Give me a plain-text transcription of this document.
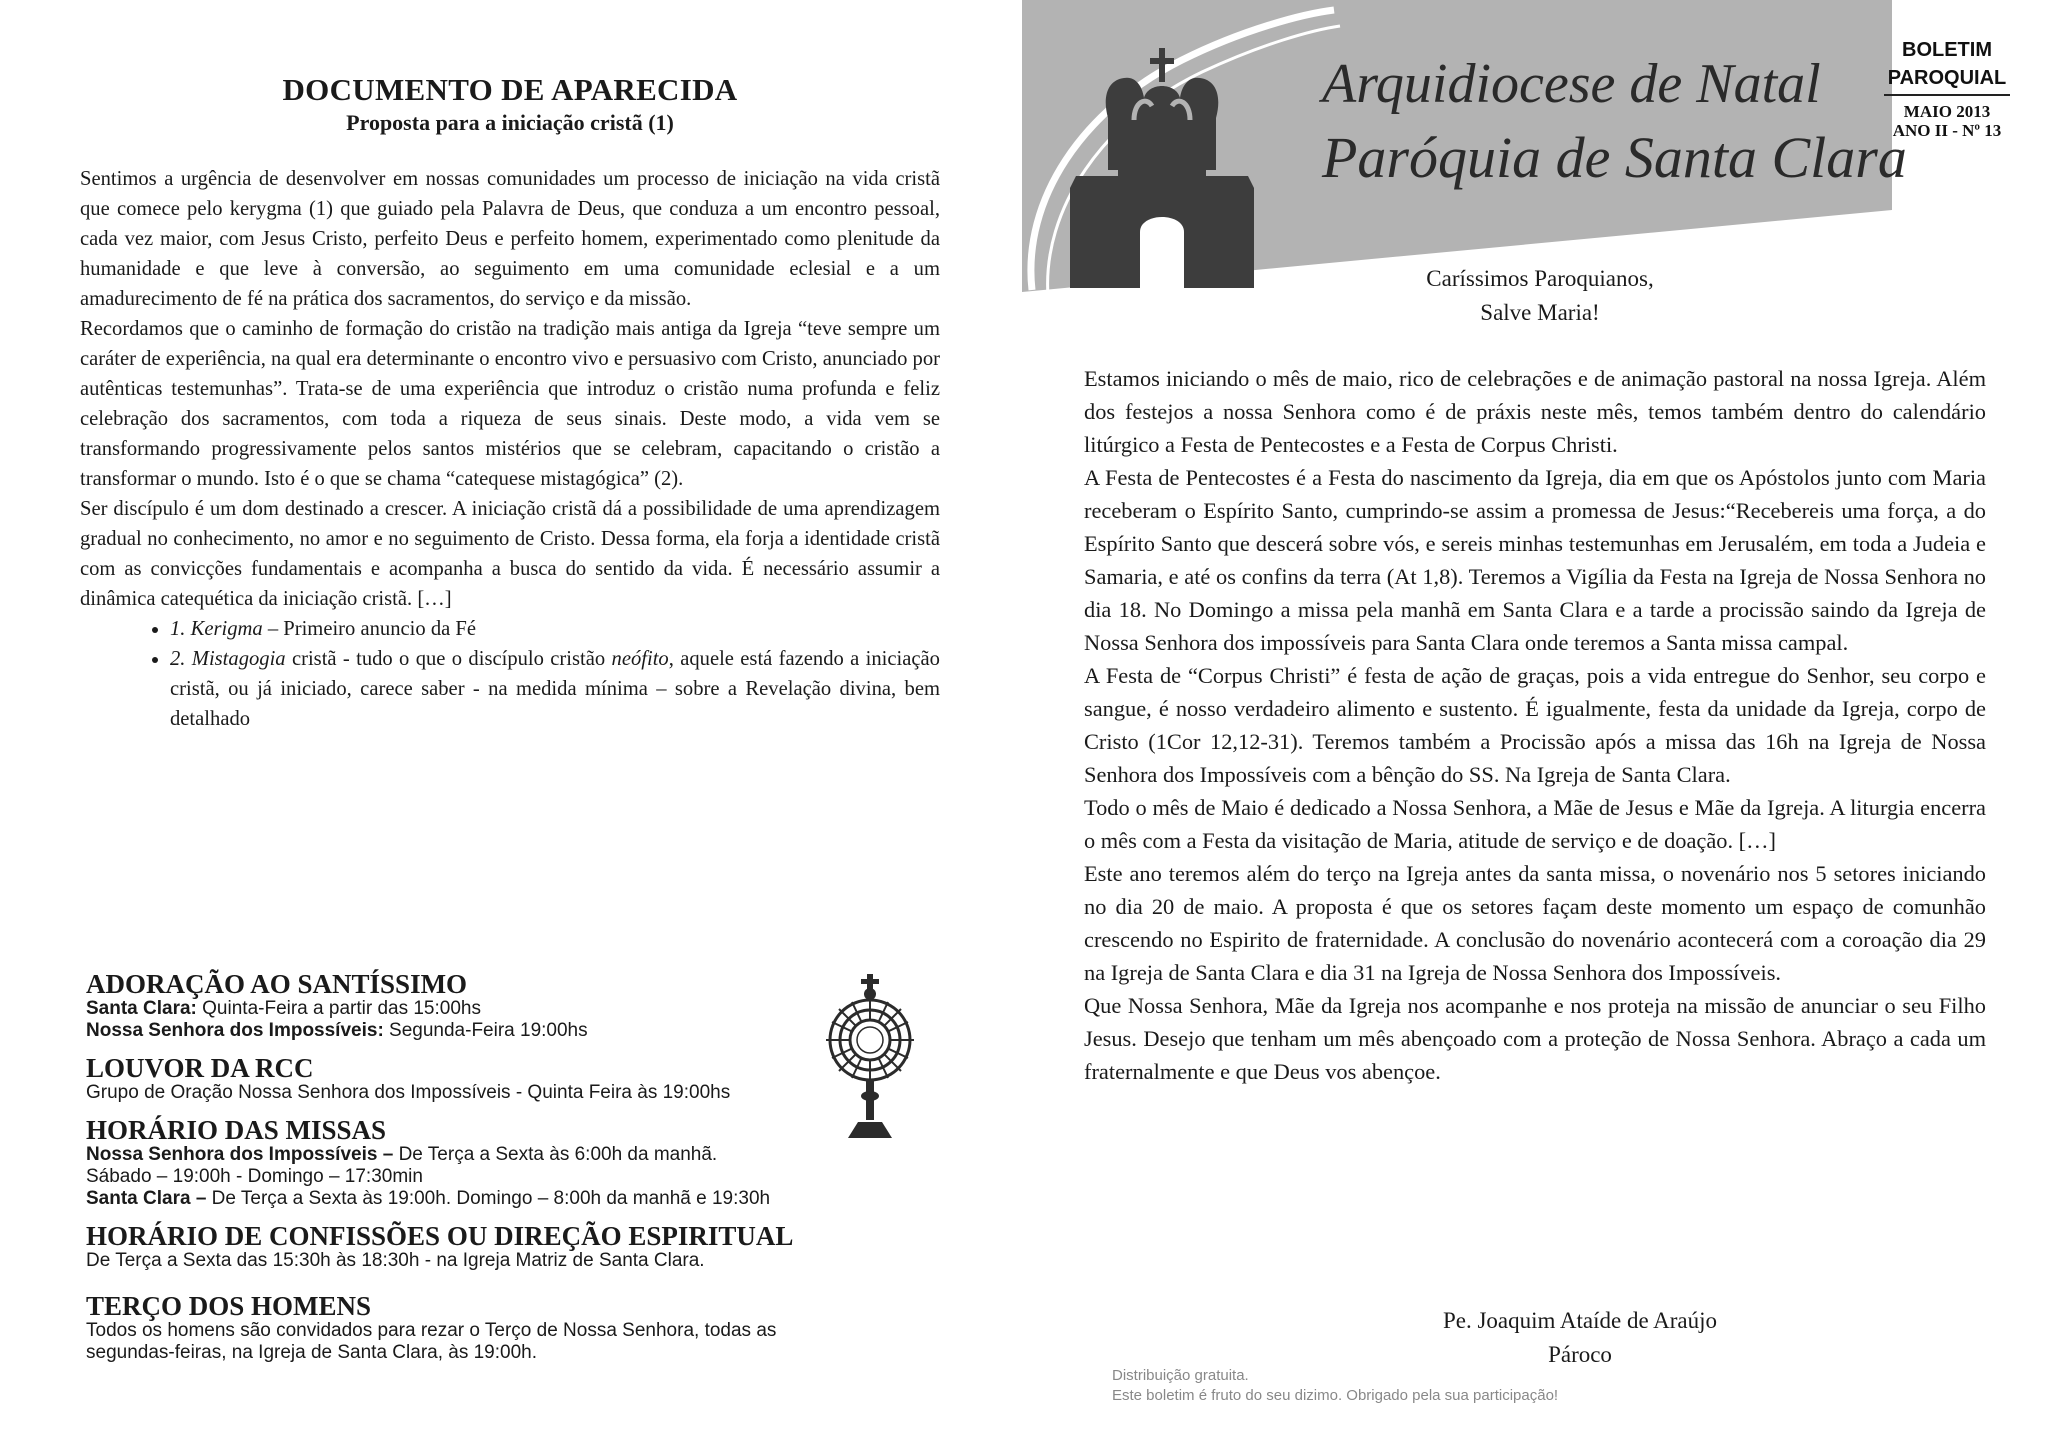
DOCUMENTO DE APARECIDA
Proposta para a iniciação cristã (1)

Sentimos a urgência de desenvolver em nossas comunidades um processo de iniciação na vida cristã que comece pelo kerygma (1) que guiado pela Palavra de Deus, que conduza a um encontro pessoal, cada vez maior, com Jesus Cristo, perfeito Deus e perfeito homem, experimentado como plenitude da humanidade e que leve à conversão, ao seguimento em uma comunidade eclesial e a um amadurecimento de fé na prática dos sacramentos, do serviço e da missão.

Recordamos que o caminho de formação do cristão na tradição mais antiga da Igreja “teve sempre um caráter de experiência, na qual era determinante o encontro vivo e persuasivo com Cristo, anunciado por autênticas testemunhas”. Trata-se de uma experiência que introduz o cristão numa profunda e feliz celebração dos sacramentos, com toda a riqueza de seus sinais. Deste modo, a vida vem se transformando progressivamente pelos santos mistérios que se celebram, capacitando o cristão a transformar o mundo. Isto é o que se chama “catequese mistagógica” (2).

Ser discípulo é um dom destinado a crescer. A iniciação cristã dá a possibilidade de uma aprendizagem gradual no conhecimento, no amor e no seguimento de Cristo. Dessa forma, ela forja a identidade cristã com as convicções fundamentais e acompanha a busca do sentido da vida. É necessário assumir a dinâmica catequética da iniciação cristã. […]

• 1. Kerigma – Primeiro anuncio da Fé
• 2. Mistagogia cristã - tudo o que o discípulo cristão neófito, aquele está fazendo a iniciação cristã, ou já iniciado, carece saber - na medida mínima – sobre a Revelação divina, bem detalhado
ADORAÇÃO AO SANTÍSSIMO
Santa Clara: Quinta-Feira a partir das 15:00hs
Nossa Senhora dos Impossíveis: Segunda-Feira 19:00hs
LOUVOR DA RCC
Grupo de Oração Nossa Senhora dos Impossíveis - Quinta Feira às 19:00hs
HORÁRIO DAS MISSAS
Nossa Senhora dos Impossíveis – De Terça a Sexta às 6:00h da manhã.
Sábado – 19:00h - Domingo – 17:30min
Santa Clara – De Terça a Sexta às 19:00h. Domingo – 8:00h da manhã e 19:30h
HORÁRIO DE CONFISSÕES OU DIREÇÃO ESPIRITUAL
De Terça a Sexta das 15:30h às 18:30h - na Igreja Matriz de Santa Clara.
TERÇO DOS HOMENS
Todos os homens são convidados para rezar o Terço de Nossa Senhora, todas as
segundas-feiras, na Igreja de Santa Clara, às 19:00h.
Arquidiocese de Natal
Paróquia de Santa Clara
BOLETIM
PAROQUIAL
MAIO 2013
ANO II - Nº 13
Caríssimos Paroquianos,
Salve Maria!

Estamos iniciando o mês de maio, rico de celebrações e de animação pastoral na nossa Igreja. Além dos festejos a nossa Senhora como é de práxis neste mês, temos também dentro do calendário litúrgico a Festa de Pentecostes e a Festa de Corpus Christi.

A Festa de Pentecostes é a Festa do nascimento da Igreja, dia em que os Apóstolos junto com Maria receberam o Espírito Santo, cumprindo-se assim a promessa de Jesus:“Recebereis uma força, a do Espírito Santo que descerá sobre vós, e sereis minhas testemunhas em Jerusalém, em toda a Judeia e Samaria, e até os confins da terra (At 1,8). Teremos a Vigília da Festa na Igreja de Nossa Senhora no dia 18. No Domingo a missa pela manhã em Santa Clara e a tarde a procissão saindo da Igreja de Nossa Senhora dos impossíveis para Santa Clara onde teremos a Santa missa campal.

A Festa de “Corpus Christi” é festa de ação de graças, pois a vida entregue do Senhor, seu corpo e sangue, é nosso verdadeiro alimento e sustento. É igualmente, festa da unidade da Igreja, corpo de Cristo (1Cor 12,12-31). Teremos também a Procissão após a missa das 16h na Igreja de Nossa Senhora dos Impossíveis com a bênção do SS. Na Igreja de Santa Clara.

Todo o mês de Maio é dedicado a Nossa Senhora, a Mãe de Jesus e Mãe da Igreja. A liturgia encerra o mês com a Festa da visitação de Maria, atitude de serviço e de doação. […]

Este ano teremos além do terço na Igreja antes da santa missa, o novenário nos 5 setores iniciando no dia 20 de maio. A proposta é que os setores façam deste momento um espaço de comunhão crescendo no Espirito de fraternidade. A conclusão do novenário acontecerá com a coroação dia 29 na Igreja de Santa Clara e dia 31 na Igreja de Nossa Senhora dos Impossíveis.

Que Nossa Senhora, Mãe da Igreja nos acompanhe e nos proteja na missão de anunciar o seu Filho Jesus. Desejo que tenham um mês abençoado com a proteção de Nossa Senhora. Abraço a cada um fraternalmente e que Deus vos abençoe.

Pe. Joaquim Ataíde de Araújo
Pároco
Distribuição gratuita.
Este boletim é fruto do seu dizimo. Obrigado pela sua participação!
